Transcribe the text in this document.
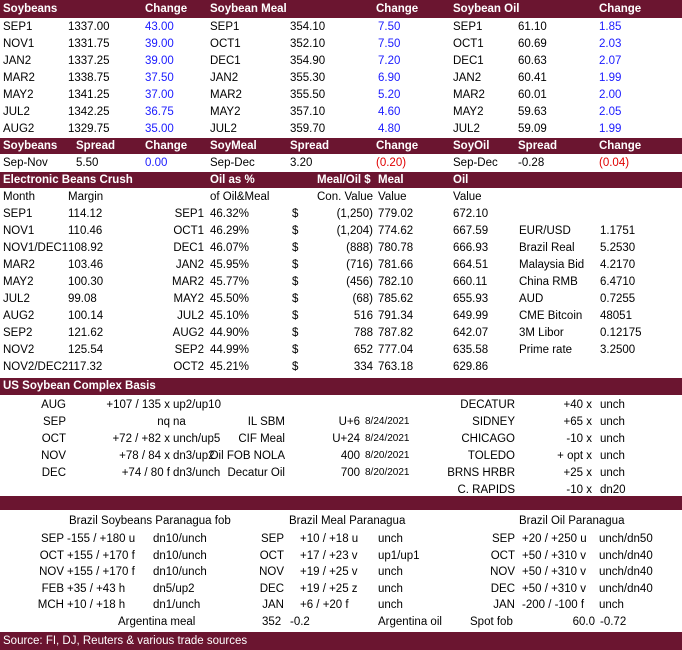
Soybeans	Change Soybean Meal	Change	Soybean Oil	Change
SEP1	1337.00	43.00	SEP1	354.10	7.50	SEP1	61.10	1.85
NOV1	1331.75	39.00	OCT1	352.10	7.50	OCT1	60.69	2.03
JAN2	1337.25	39.00	DEC1	354.90	7.20	DEC1	60.63	2.07
MAR2	1338.75	37.50	JAN2	355.30	6.90	JAN2	60.41	1.99
MAY2	1341.25	37.00	MAR2	355.50	5.20	MAR2	60.01	2.00
JUL2	1342.25	36.75	MAY2	357.10	4.60	MAY2	59.63	2.05
AUG2	1329.75	35.00	JUL2	359.70	4.80	JUL2	59.09	1.99
Soybeans Spread	Change SoyMeal	Spread	Change	SoyOil Spread	Change
Sep-Nov 5.50	0.00	Sep-Dec	3.20	(0.20)	Sep-Dec -0.28	(0.04)
Electronic Beans Crush	Oil as %	Meal/Oil $ Meal	Oil
Month	Margin	of Oil&Meal	Con. Value Value	Value
SEP1	114.12	SEP1 46.32%	$	(1,250) 779.02	672.10
NOV1	110.46	OCT1 46.29%	$	(1,204) 774.62	667.59
NOV1/DEC1 108.92	DEC1 46.07%	$	(888) 780.78	666.93
MAR2	103.46	JAN2 45.95%	$	(716) 781.66	664.51
MAY2	100.30	MAR2 45.77%	$	(456) 782.10	660.11
JUL2	99.08	MAY2 45.50%	$	(68) 785.62	655.93
AUG2	100.14	JUL2 45.10%	$	516 791.34	649.99
SEP2	121.62	AUG2 44.90%	$	788 787.82	642.07
NOV2	125.54	SEP2 44.99%	$	652 777.04	635.58
NOV2/DEC2 117.32	OCT2 45.21%	$	334 763.18	629.86
EUR/USD	1.1751
Brazil Real 5.2530
Malaysia Bid 4.2170
China RMB 6.4710
AUD	0.7255
CME Bitcoin 48051
3M Libor	0.12175
Prime rate 3.2500
US Soybean Complex Basis
AUG	+107 / 135 x up2/up10
SEP	nq na
OCT	+72 / +82 x unch/up5
NOV	+78 / 84 x dn3/up2
DEC	+74 / 80 f dn3/unch
IL SBM	U+6 8/24/2021
CIF Meal	U+24 8/24/2021
Oil FOB NOLA	400 8/20/2021
Decatur Oil	700 8/20/2021
DECATUR	+40 x unch
SIDNEY	+65 x unch
CHICAGO	-10 x unch
TOLEDO	+ opt x unch
BRNS HRBR	+25 x unch
C. RAPIDS	-10 x dn20
Brazil Soybeans Paranagua fob	Brazil Meal Paranagua	Brazil Oil Paranagua
SEP -155 / +180 u dn10/unch
OCT +155 / +170 f dn10/unch
NOV +155 / +170 f dn10/unch
FEB +35 / +43 h dn5/up2
MCH +10 / +18 h dn1/unch
SEP +10 / +18 u unch
OCT +17 / +23 v up1/up1
NOV +19 / +25 v unch
DEC +19 / +25 z unch
JAN +6 / +20 f	unch
SEP +20 / +250 u unch/dn50
OCT +50 / +310 v unch/dn40
NOV +50 / +310 v unch/dn40
DEC +50 / +310 v unch/dn40
JAN -200 / -100 f unch
Argentina meal	352 -0.2	Argentina oil Spot fob	60.0 -0.72
Source: FI, DJ, Reuters & various trade sources
